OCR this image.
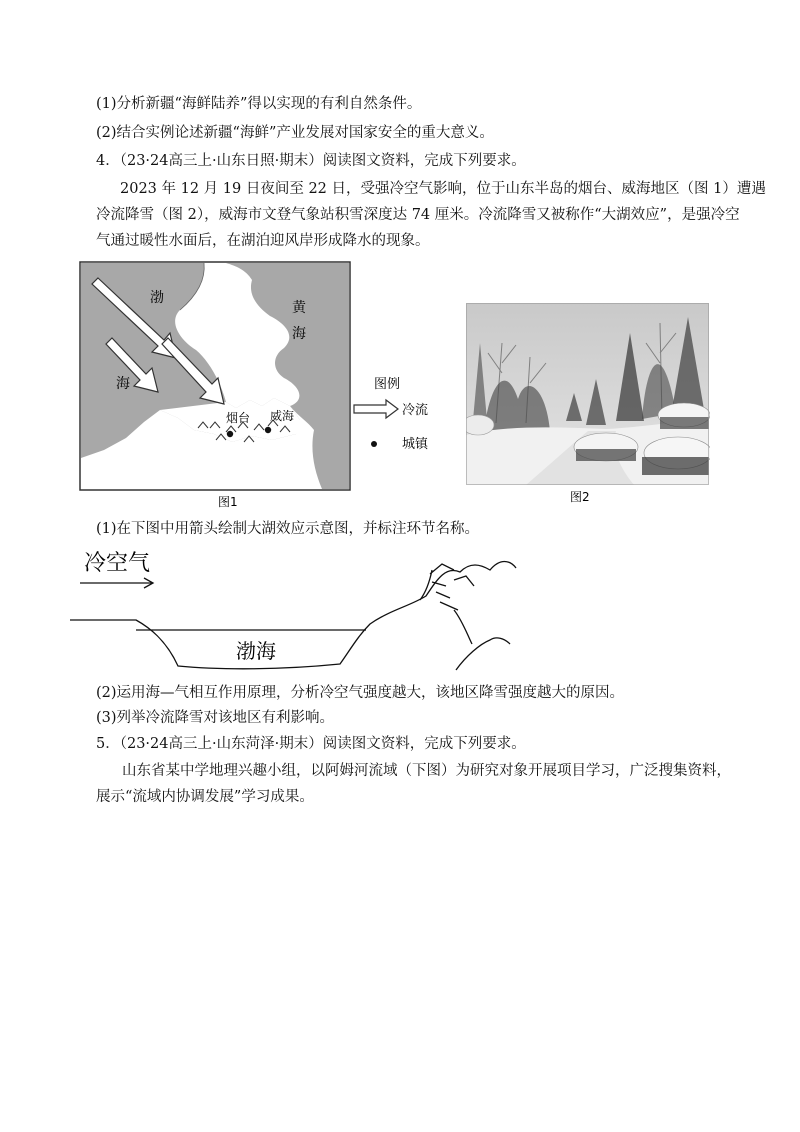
(1)分析新疆“海鲜陆养”得以实现的有利自然条件。
(2)结合实例论述新疆“海鲜”产业发展对国家安全的重大意义。
4．（23·24高三上·山东日照·期末）阅读图文资料，完成下列要求。
2023 年 12 月 19 日夜间至 22 日，受强冷空气影响，位于山东半岛的烟台、威海地区（图 1）遭遇
冷流降雪（图 2），威海市文登气象站积雪深度达 74 厘米。冷流降雪又被称作“大湖效应”，是强冷空
气通过暖性水面后，在湖泊迎风岸形成降水的现象。
渤
海
黄
海
烟台 威海
图1
图例
冷流
城镇
图2
(1)在下图中用箭头绘制大湖效应示意图，并标注环节名称。
冷空气
渤海
(2)运用海—气相互作用原理，分析冷空气强度越大，该地区降雪强度越大的原因。
(3)列举冷流降雪对该地区有利影响。
5．（23·24高三上·山东菏泽·期末）阅读图文资料，完成下列要求。
山东省某中学地理兴趣小组，以阿姆河流域（下图）为研究对象开展项目学习，广泛搜集资料，
展示“流域内协调发展”学习成果。
